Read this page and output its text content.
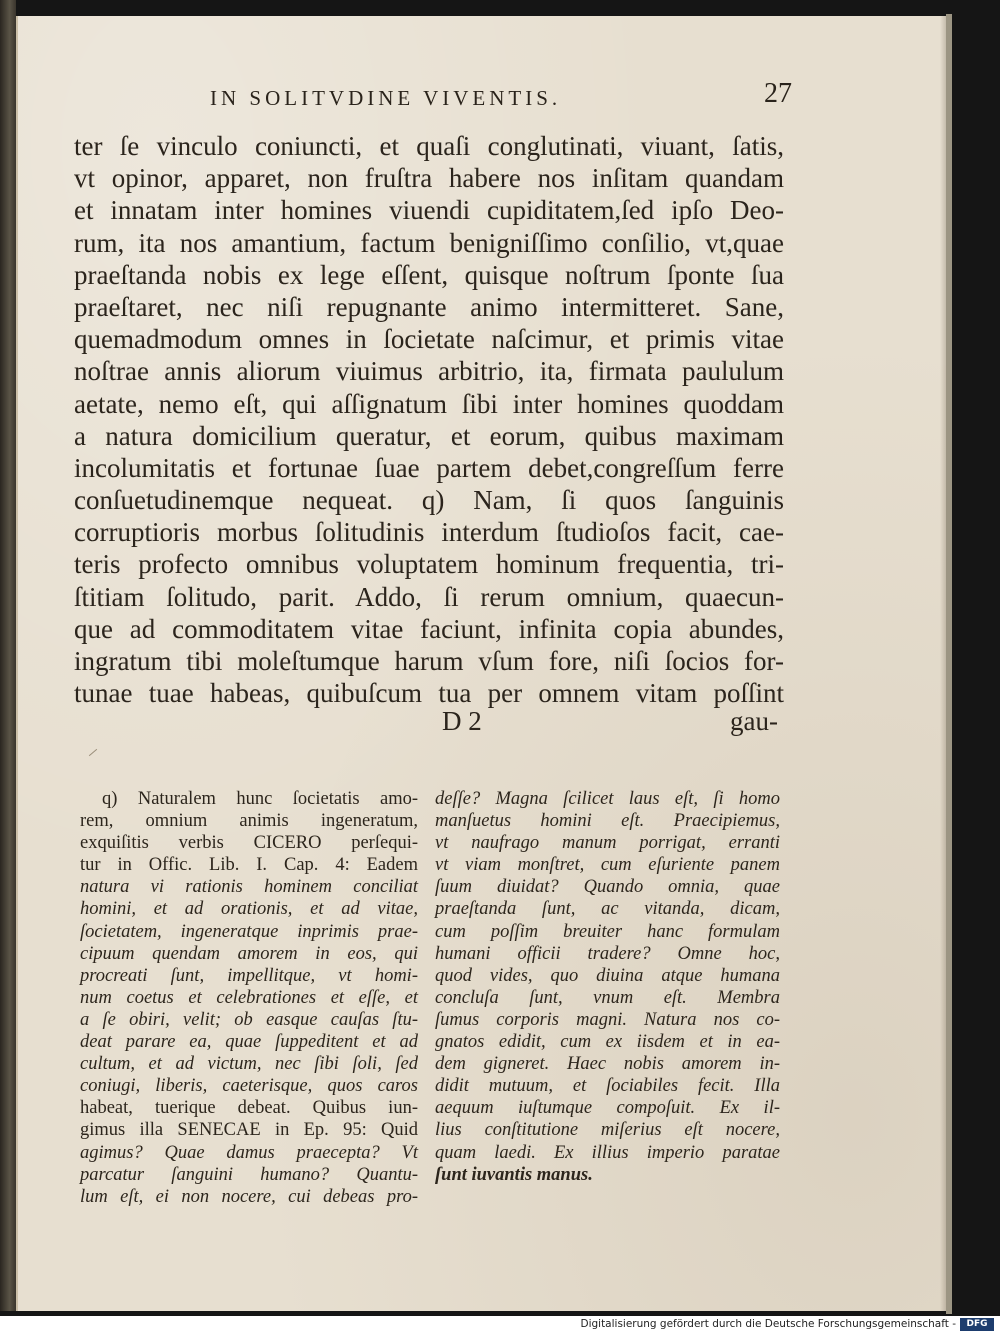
IN SOLITVDINE VIVENTIS.	27

ter ſe vinculo coniuncti, et quaſi conglutinati, viuant, ſatis,
vt opinor, apparet, non fruſtra habere nos inſitam quandam
et innatam inter homines viuendi cupiditatem,ſed ipſo Deo-
rum, ita nos amantium, factum benigniſſimo conſilio, vt,quae
praeſtanda nobis ex lege eſſent, quisque noſtrum ſponte ſua
praeſtaret, nec niſi repugnante animo intermitteret. Sane,
quemadmodum omnes in ſocietate naſcimur, et primis vitae
noſtrae annis aliorum viuimus arbitrio, ita, firmata paululum
aetate, nemo eſt, qui aſſignatum ſibi inter homines quoddam
a natura domicilium queratur, et eorum, quibus maximam
incolumitatis et fortunae ſuae partem debet,congreſſum ferre
conſuetudinemque nequeat. q) Nam, ſi quos ſanguinis
corruptioris morbus ſolitudinis interdum ſtudioſos facit, cae-
teris profecto omnibus voluptatem hominum frequentia, tri-
ſtitiam ſolitudo, parit. Addo, ſi rerum omnium, quaecun-
que ad commoditatem vitae faciunt, infinita copia abundes,
ingratum tibi moleſtumque harum vſum fore, niſi ſocios for-
tunae tuae habeas, quibuſcum tua per omnem vitam poſſint

D 2	gau-

q) Naturalem hunc ſocietatis amo-
rem, omnium animis ingeneratum,
exquiſitis verbis CICERO perſequi-
tur in Offic. Lib. I. Cap. 4: Eadem
natura vi rationis hominem conciliat
homini, et ad orationis, et ad vitae,
ſocietatem, ingeneratque inprimis prae-
cipuum quendam amorem in eos, qui
procreati ſunt, impellitque, vt homi-
num coetus et celebrationes et eſſe, et
a ſe obiri, velit; ob easque cauſas ſtu-
deat parare ea, quae ſuppeditent et ad
cultum, et ad victum, nec ſibi ſoli, ſed
coniugi, liberis, caeterisque, quos caros
habeat, tuerique debeat. Quibus iun-
gimus illa SENECAE in Ep. 95: Quid
agimus? Quae damus praecepta? Vt
parcatur ſanguini humano? Quantu-
lum eſt, ei non nocere, cui debeas pro-

deſſe? Magna ſcilicet laus eſt, ſi homo
manſuetus homini eſt. Praecipiemus,
vt naufrago manum porrigat, erranti
vt viam monſtret, cum eſuriente panem
ſuum diuidat? Quando omnia, quae
praeſtanda ſunt, ac vitanda, dicam,
cum poſſim breuiter hanc formulam
humani officii tradere? Omne hoc,
quod vides, quo diuina atque humana
concluſa ſunt, vnum eſt. Membra
ſumus corporis magni. Natura nos co-
gnatos edidit, cum ex iisdem et in ea-
dem gigneret. Haec nobis amorem in-
didit mutuum, et ſociabiles fecit. Illa
aequum iuſtumque compoſuit. Ex il-
lius conſtitutione miſerius eſt nocere,
quam laedi. Ex illius imperio paratae
ſunt iuvantis manus.

Digitalisierung gefördert durch die Deutsche Forschungsgemeinschaft -	DFG
